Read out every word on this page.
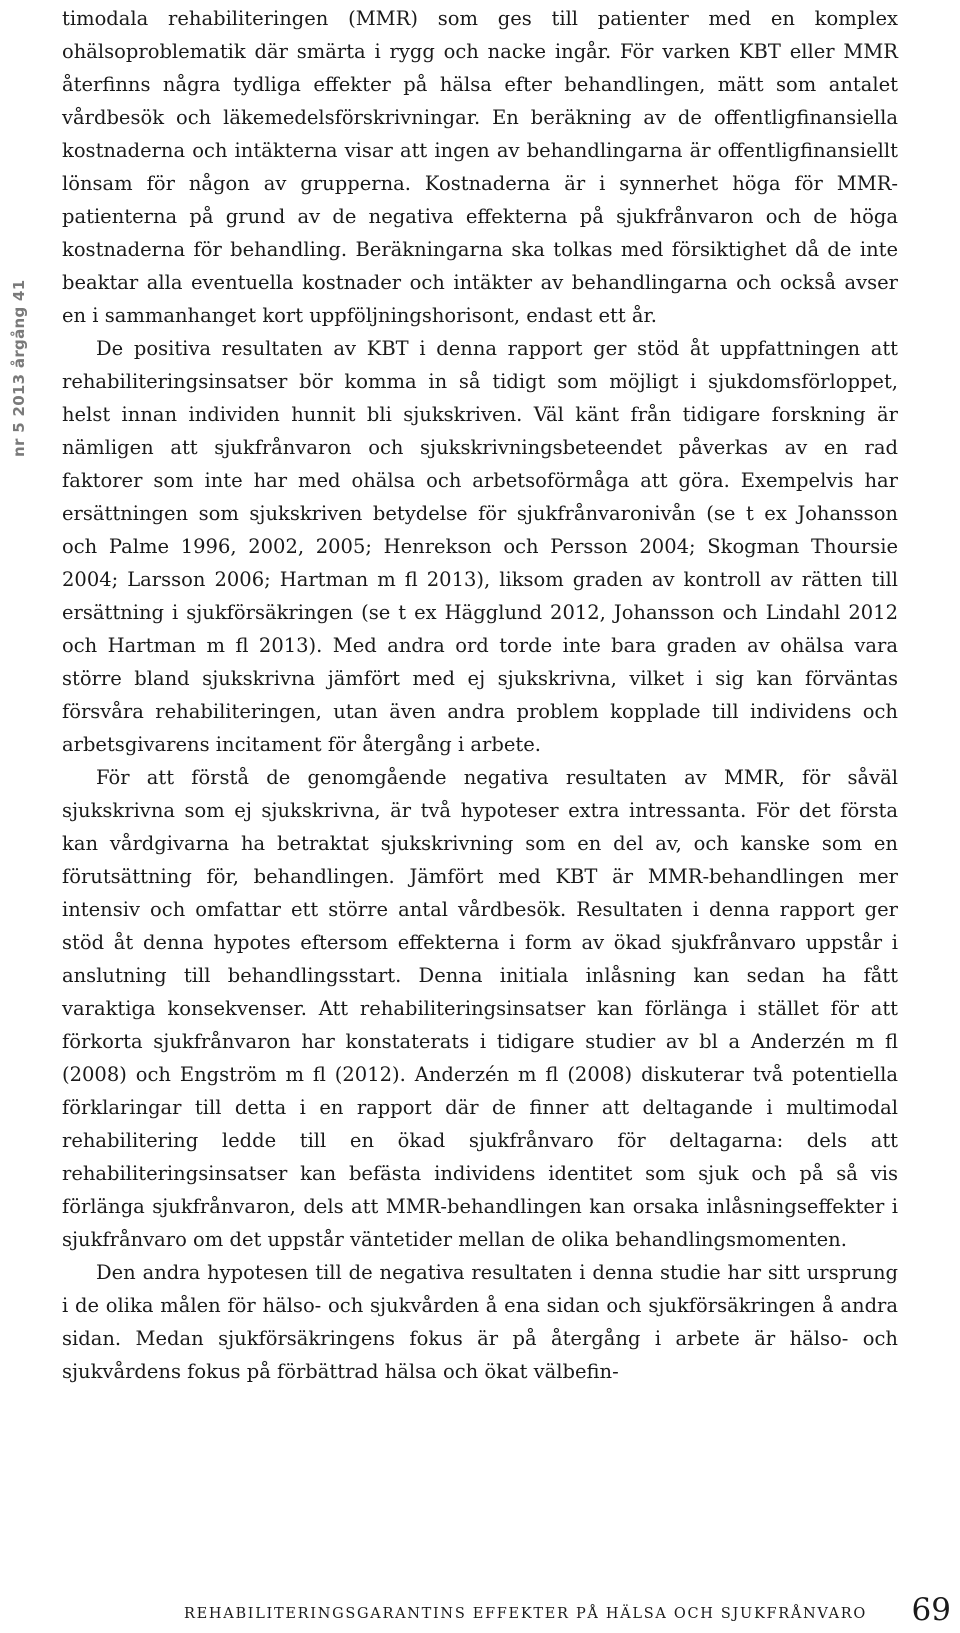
nr 5 2013 årgång 41

timodala rehabiliteringen (MMR) som ges till patienter med en komplex ohälsoproblematik där smärta i rygg och nacke ingår. För varken KBT eller MMR återfinns några tydliga effekter på hälsa efter behandlingen, mätt som antalet vårdbesök och läkemedelsförskrivningar. En beräkning av de offentligfinansiella kostnaderna och intäkterna visar att ingen av behandlingarna är offentligfinansiellt lönsam för någon av grupperna. Kostnaderna är i synnerhet höga för MMR-patienterna på grund av de negativa effekterna på sjukfrånvaron och de höga kostnaderna för behandling. Beräkningarna ska tolkas med försiktighet då de inte beaktar alla eventuella kostnader och intäkter av behandlingarna och också avser en i sammanhanget kort uppföljningshorisont, endast ett år.

De positiva resultaten av KBT i denna rapport ger stöd åt uppfattningen att rehabiliteringsinsatser bör komma in så tidigt som möjligt i sjukdomsförloppet, helst innan individen hunnit bli sjukskriven. Väl känt från tidigare forskning är nämligen att sjukfrånvaron och sjukskrivningsbeteendet påverkas av en rad faktorer som inte har med ohälsa och arbetsoförmåga att göra. Exempelvis har ersättningen som sjukskriven betydelse för sjukfrånvaronivån (se t ex Johansson och Palme 1996, 2002, 2005; Henrekson och Persson 2004; Skogman Thoursie 2004; Larsson 2006; Hartman m fl 2013), liksom graden av kontroll av rätten till ersättning i sjukförsäkringen (se t ex Hägglund 2012, Johansson och Lindahl 2012 och Hartman m fl 2013). Med andra ord torde inte bara graden av ohälsa vara större bland sjukskrivna jämfört med ej sjukskrivna, vilket i sig kan förväntas försvåra rehabiliteringen, utan även andra problem kopplade till individens och arbetsgivarens incitament för återgång i arbete.

För att förstå de genomgående negativa resultaten av MMR, för såväl sjukskrivna som ej sjukskrivna, är två hypoteser extra intressanta. För det första kan vårdgivarna ha betraktat sjukskrivning som en del av, och kanske som en förutsättning för, behandlingen. Jämfört med KBT är MMR-behandlingen mer intensiv och omfattar ett större antal vårdbesök. Resultaten i denna rapport ger stöd åt denna hypotes eftersom effekterna i form av ökad sjukfrånvaro uppstår i anslutning till behandlingsstart. Denna initiala inlåsning kan sedan ha fått varaktiga konsekvenser. Att rehabiliteringsinsatser kan förlänga i stället för att förkorta sjukfrånvaron har konstaterats i tidigare studier av bl a Anderzén m fl (2008) och Engström m fl (2012). Anderzén m fl (2008) diskuterar två potentiella förklaringar till detta i en rapport där de finner att deltagande i multimodal rehabilitering ledde till en ökad sjukfrånvaro för deltagarna: dels att rehabiliteringsinsatser kan befästa individens identitet som sjuk och på så vis förlänga sjukfrånvaron, dels att MMR-behandlingen kan orsaka inlåsningseffekter i sjukfrånvaro om det uppstår väntetider mellan de olika behandlingsmomenten.

Den andra hypotesen till de negativa resultaten i denna studie har sitt ursprung i de olika målen för hälso- och sjukvården å ena sidan och sjukförsäkringen å andra sidan. Medan sjukförsäkringens fokus är på återgång i arbete är hälso- och sjukvårdens fokus på förbättrad hälsa och ökat välbefin-

REHABILITERINGSGARANTINS EFFEKTER PÅ HÄLSA OCH SJUKFRÅNVARO 69
